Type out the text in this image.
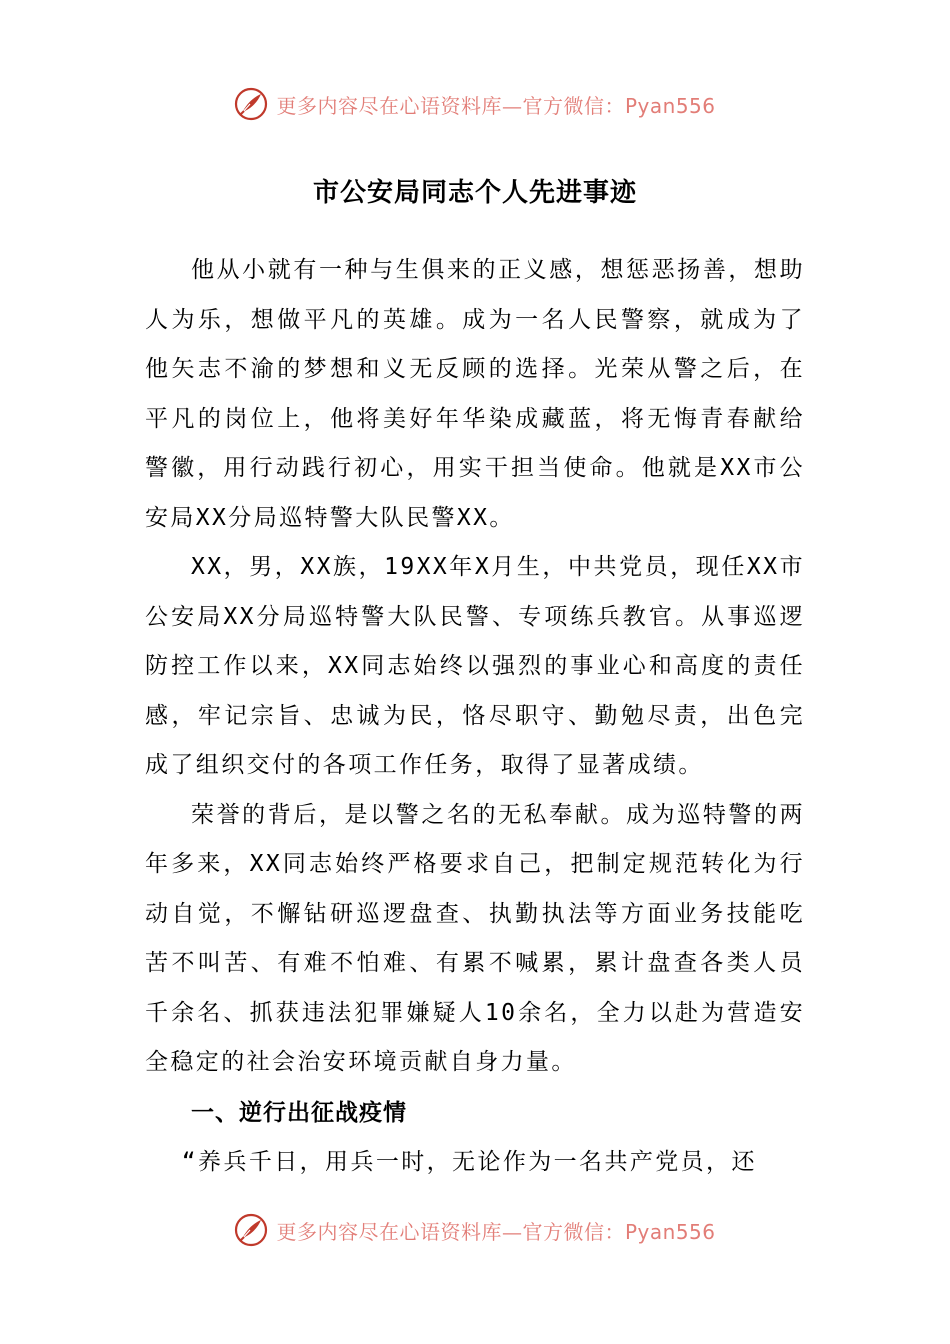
更多内容尽在心语资料库—官方微信：Pyan556
市公安局同志个人先进事迹

他从小就有一种与生俱来的正义感，想惩恶扬善，想助人为乐，想做平凡的英雄。成为一名人民警察，就成为了他矢志不渝的梦想和义无反顾的选择。光荣从警之后，在平凡的岗位上，他将美好年华染成藏蓝，将无悔青春献给警徽，用行动践行初心，用实干担当使命。他就是XX市公安局XX分局巡特警大队民警XX。

XX，男，XX族，19XX年X月生，中共党员，现任XX市公安局XX分局巡特警大队民警、专项练兵教官。从事巡逻防控工作以来，XX同志始终以强烈的事业心和高度的责任感，牢记宗旨、忠诚为民，恪尽职守、勤勉尽责，出色完成了组织交付的各项工作任务，取得了显著成绩。

荣誉的背后，是以警之名的无私奉献。成为巡特警的两年多来，XX同志始终严格要求自己，把制定规范转化为行动自觉，不懈钻研巡逻盘查、执勤执法等方面业务技能吃苦不叫苦、有难不怕难、有累不喊累，累计盘查各类人员千余名、抓获违法犯罪嫌疑人10余名，全力以赴为营造安全稳定的社会治安环境贡献自身力量。

一、逆行出征战疫情

“养兵千日，用兵一时，无论作为一名共产党员，还

更多内容尽在心语资料库—官方微信：Pyan556
